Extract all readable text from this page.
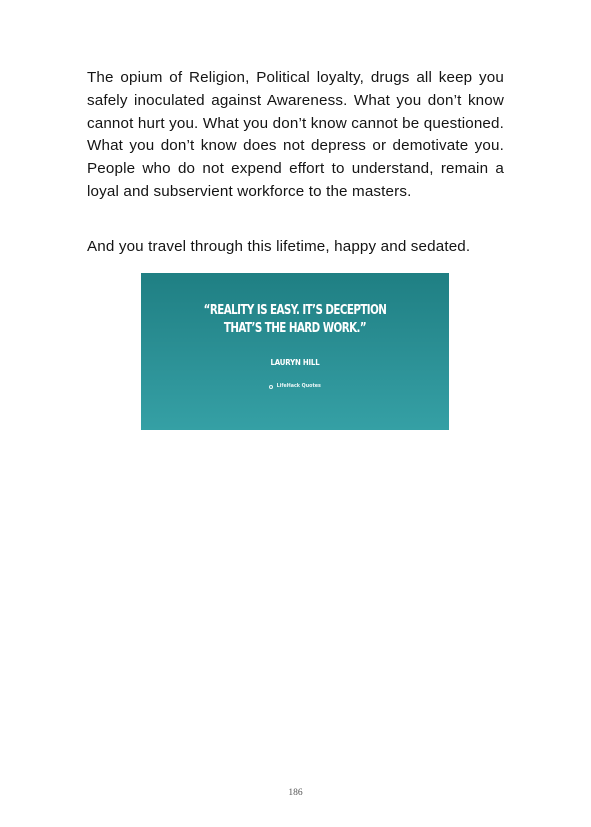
The opium of Religion, Political loyalty, drugs all keep you safely inoculated against Awareness. What you don’t know cannot hurt you. What you don’t know cannot be questioned. What you don’t know does not depress or demotivate you. People who do not expend effort to understand, remain a loyal and subservient workforce to the masters.

And you travel through this lifetime, happy and sedated.

“REALITY IS EASY. IT’S DECEPTION THAT’S THE HARD WORK.”

LAURYN HILL

LifeHack Quotes

186
